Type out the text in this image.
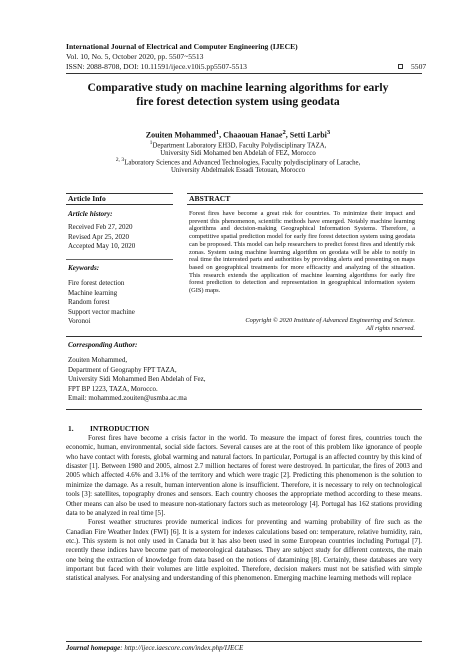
International Journal of Electrical and Computer Engineering (IJECE)
Vol. 10, No. 5, October 2020, pp. 5507~5513
ISSN: 2088-8708, DOI: 10.11591/ijece.v10i5.pp5507-5513	5507
Comparative study on machine learning algorithms for early
fire forest detection system using geodata
Zouiten Mohammed$^1$, Chaaouan Hanae$^2$, Setti Larbi$^3$
$^1$Department Laboratory EH3D, Faculty Polydisciplinary TAZA,
University Sidi Mohamed ben Abdelah of FEZ, Morocco
$^{2, 3}$Laboratory Sciences and Advanced Technologies, Faculty polydisciplinary of Larache,
University Abdelmalek Essadi Tetouan, Morocco
Article Info
Article history:
Received Feb 27, 2020
Revised Apr 25, 2020
Accepted May 10, 2020
Keywords:
Fire forest detection
Machine learning
Random forest
Support vector machine
Voronoi
ABSTRACT
Forest fires have become a great risk for countries. To minimize their impact and prevent this phenomenon, scientific methods have emerged. Notably machine learning algorithms and decision-making Geographical Information Systems. Therefore, a competitive spatial prediction model for early fire forest detection system using geodata can be proposed. This model can help researchers to predict forest fires and identify risk zonas. System using machine learning algorithm on geodata will be able to notify in real time the interested parts and authorities by providing alerts and presenting on maps based on geographical treatments for more efficacity and analyzing of the situation. This research extends the application of machine learning algorithms for early fire forest prediction to detection and representation in geographical information system (GIS) maps.
Copyright © 2020 Institute of Advanced Engineering and Science.
All rights reserved.
Corresponding Author:
Zouiten Mohammed,
Department of Geography FPT TAZA,
University Sidi Mohammed Ben Abdelah of Fez,
FPT BP 1223, TAZA, Morocco.
Email: mohammed.zouiten@usmba.ac.ma
1. INTRODUCTION

Forest fires have become a crisis factor in the world. To measure the impact of forest fires, countries touch the economic, human, environmental, social side factors. Several causes are at the root of this problem like ignorance of people who have contact with forests, global warming and natural factors. In particular, Portugal is an affected country by this kind of disaster [1]. Between 1980 and 2005, almost 2.7 million hectares of forest were destroyed. In particular, the fires of 2003 and 2005 which affected 4.6% and 3.1% of the territory and which were tragic [2]. Predicting this phenomenon is the solution to minimize the damage. As a result, human intervention alone is insufficient. Therefore, it is necessary to rely on technological tools [3]: satellites, topography drones and sensors. Each country chooses the appropriate method according to these means. Other means can also be used to measure non-stationary factors such as meteorology [4]. Portugal has 162 stations providing data to be analyzed in real time [5].

Forest weather structures provide numerical indices for preventing and warning probability of fire such as the Canadian Fire Weather Index (FWI) [6]. It is a system for indexes calculations based on: temperature, relative humidity, rain, etc.). This system is not only used in Canada but it has also been used in some European countries including Portugal [7]. recently these indices have become part of meteorological databases. They are subject study for different contexts, the main one being the extraction of knowledge from data based on the notions of datamining [8]. Certainly, these databases are very important but faced with their volumes are little exploited. Therefore, decision makers must not be satisfied with simple statistical analyses. For analysing and understanding of this phenomenon. Emerging machine learning methods will replace

Journal homepage: http://ijece.iaescore.com/index.php/IJECE
